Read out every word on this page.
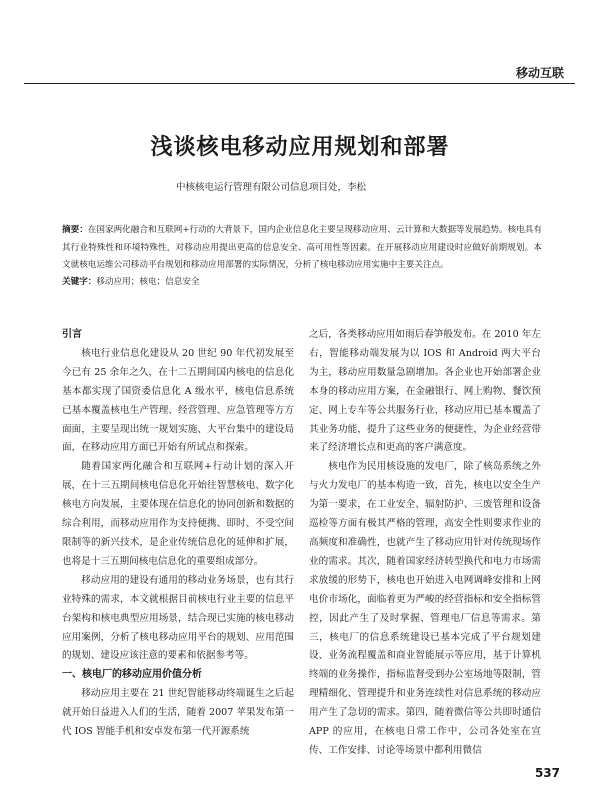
移动互联
浅谈核电移动应用规划和部署
中核核电运行管理有限公司信息项目处，李松
摘要：在国家两化融合和互联网+行动的大背景下，国内企业信息化主要呈现移动应用、云计算和大数据等发展趋势。核电具有其行业特殊性和环境特殊性，对移动应用提出更高的信息安全、高可用性等因素。在开展移动应用建设时应做好前期规划。本文就核电运维公司移动平台规划和移动应用部署的实际情况，分析了核电移动应用实施中主要关注点。
关键字：移动应用；核电；信息安全
引言

核电行业信息化建设从 20 世纪 90 年代初发展至今已有 25 余年之久，在十二五期间国内核电的信息化基本都实现了国资委信息化 A 级水平，核电信息系统已基本覆盖核电生产管理、经营管理、应急管理等方方面面，主要呈现出统一规划实施、大平台集中的建设局面，在移动应用方面已开始有所试点和探索。

随着国家两化融合和互联网+行动计划的深入开展，在十三五期间核电信息化开始往智慧核电、数字化核电方向发展，主要体现在信息化的协同创新和数据的综合利用，而移动应用作为支持便携、即时、不受空间限制等的新兴技术，是企业传统信息化的延伸和扩展，也将是十三五期间核电信息化的重要组成部分。

移动应用的建设有通用的移动业务场景，也有其行业特殊的需求，本文就根据目前核电行业主要的信息平台架构和核电典型应用场景，结合现已实施的核电移动应用案例，分析了核电移动应用平台的规划、应用范围的规划、建设应该注意的要素和依据参考等。

一、核电厂的移动应用价值分析

移动应用主要在 21 世纪智能移动终端诞生之后起就开始日益进入人们的生活，随着 2007 苹果发布第一代 IOS 智能手机和安卓发布第一代开源系统

之后，各类移动应用如雨后春笋般发布。在 2010 年左右，智能移动端发展为以 IOS 和 Android 两大平台为主，移动应用数量急剧增加。各企业也开始部署企业本身的移动应用方案，在金融银行、网上购物、餐饮预定、网上专车等公共服务行业，移动应用已基本覆盖了其业务功能，提升了这些业务的便捷性，为企业经营带来了经济增长点和更高的客户满意度。

核电作为民用核设施的发电厂，除了核岛系统之外与火力发电厂的基本构造一致，首先，核电以安全生产为第一要求，在工业安全、辐射防护、三废管理和设备巡检等方面有极其严格的管理，高安全性则要求作业的高频度和准确性，也就产生了移动应用针对传统现场作业的需求。其次，随着国家经济转型换代和电力市场需求放缓的形势下，核电也开始进入电网调峰安排和上网电价市场化，面临着更为严峻的经营指标和安全指标管控，因此产生了及时掌握、管理电厂信息等需求。第三，核电厂的信息系统建设已基本完成了平台规划建设、业务流程覆盖和商业智能展示等应用，基于计算机终端的业务操作，指标监督受到办公室场地等限制，管理精细化、管理提升和业务连续性对信息系统的移动应用产生了急切的需求。第四，随着微信等公共即时通信 APP 的应用，在核电日常工作中，公司各处室在宣传、工作安排、讨论等场景中都利用微信

537
